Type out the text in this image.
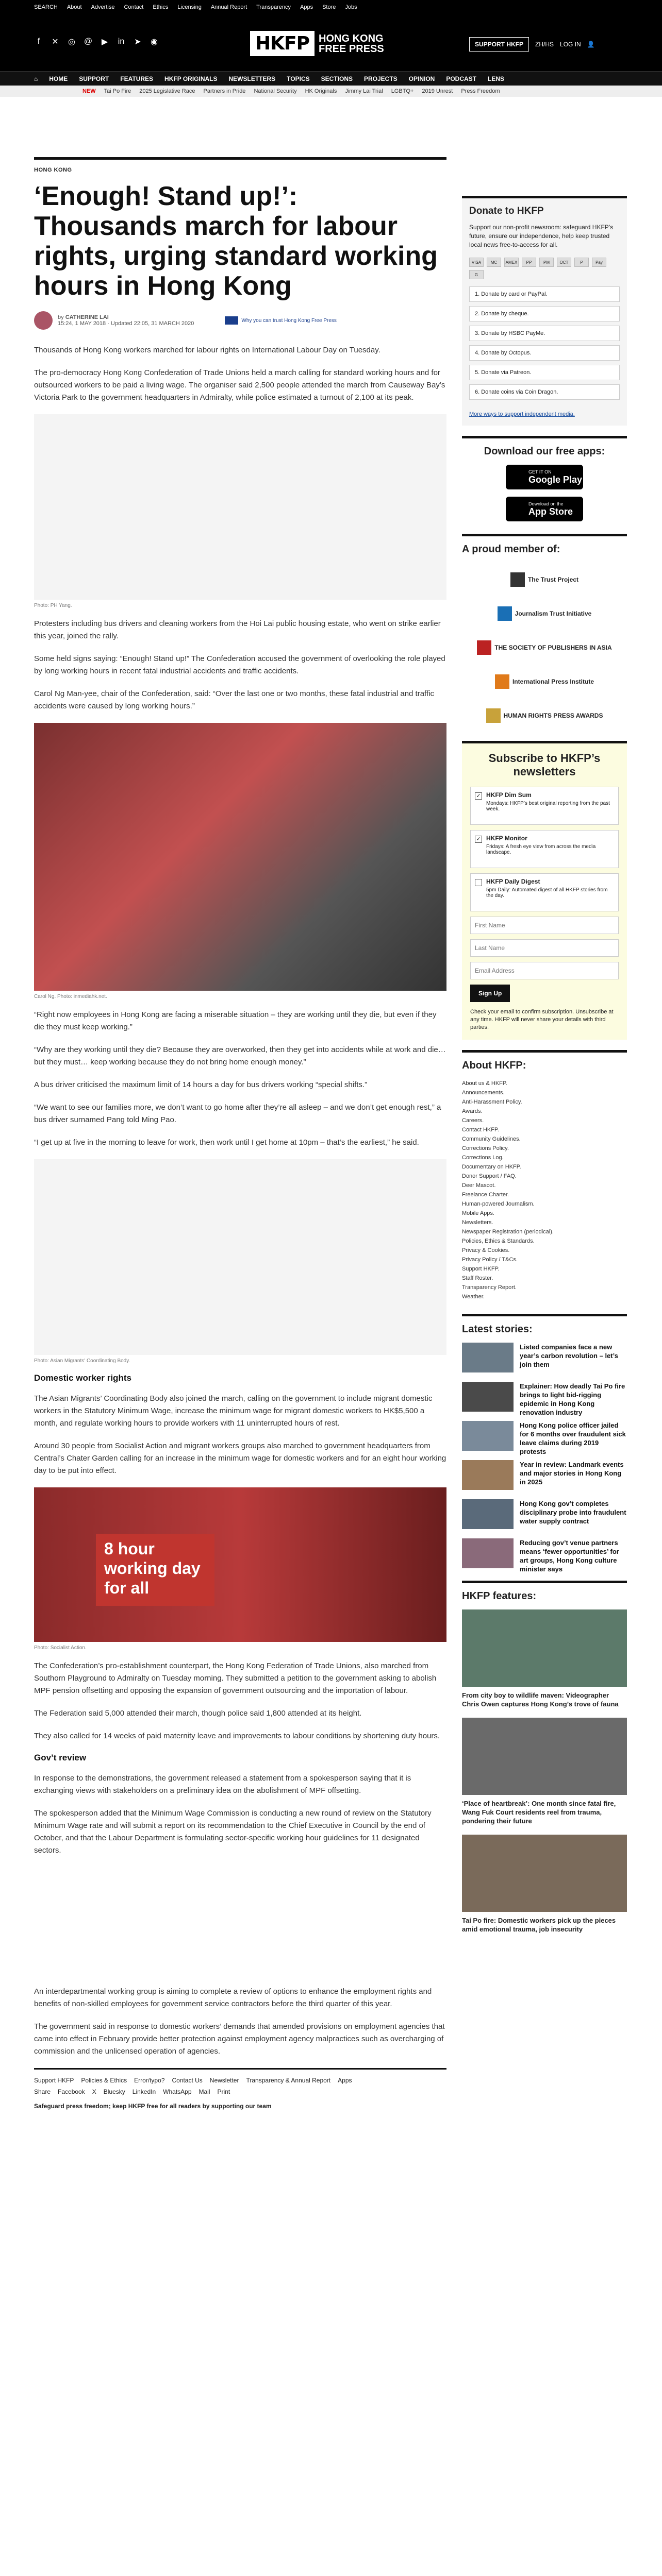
SEARCH About Advertise Contact Ethics Licensing Annual Report Transparency Apps Store Jobs
f	✕ ◎ @ ▶ in ➤ ◉	HKFP HONG KONG
FREE PRESS	SUPPORT HKFP	ZH/HS LOG IN 👤
⌂ HOME SUPPORT FEATURES HKFP ORIGINALS NEWSLETTERS TOPICS SECTIONS PROJECTS OPINION PODCAST LENS
NEW Tai Po Fire 2025 Legislative Race Partners in Pride National Security HK Originals Jimmy Lai Trial LGBTQ+ 2019 Unrest Press Freedom
HONG KONG
‘Enough! Stand up!’: Thousands march for labour rights, urging standard working hours in Hong Kong
by CATHERINE LAI
15:24, 1 MAY 2018 · Updated 22:05, 31 MARCH 2020	Why you can trust Hong Kong Free Press

Thousands of Hong Kong workers marched for labour rights on International Labour Day on Tuesday.

The pro-democracy Hong Kong Confederation of Trade Unions held a march calling for standard working hours and for outsourced workers to be paid a living wage. The organiser said 2,500 people attended the march from Causeway Bay’s Victoria Park to the government headquarters in Admiralty, while police estimated a turnout of 2,100 at its peak.

Photo: PH Yang.

Protesters including bus drivers and cleaning workers from the Hoi Lai public housing estate, who went on strike earlier this year, joined the rally.

Some held signs saying: “Enough! Stand up!” The Confederation accused the government of overlooking the role played by long working hours in recent fatal industrial accidents and traffic accidents.

Carol Ng Man-yee, chair of the Confederation, said: “Over the last one or two months, these fatal industrial and traffic accidents were caused by long working hours.”

Carol Ng. Photo: inmediahk.net.

“Right now employees in Hong Kong are facing a miserable situation – they are working until they die, but even if they die they must keep working.”

“Why are they working until they die? Because they are overworked, then they get into accidents while at work and die… but they must… keep working because they do not bring home enough money.”

A bus driver criticised the maximum limit of 14 hours a day for bus drivers working “special shifts.”

“We want to see our families more, we don’t want to go home after they’re all asleep – and we don’t get enough rest,” a bus driver surnamed Pang told Ming Pao.

“I get up at five in the morning to leave for work, then work until I get home at 10pm – that’s the earliest,” he said.

Photo: Asian Migrants' Coordinating Body.
Domestic worker rights

The Asian Migrants’ Coordinating Body also joined the march, calling on the government to include migrant domestic workers in the Statutory Minimum Wage, increase the minimum wage for migrant domestic workers to HK$5,500 a month, and regulate working hours to provide workers with 11 uninterrupted hours of rest.

Around 30 people from Socialist Action and migrant workers groups also marched to government headquarters from Central’s Chater Garden calling for an increase in the minimum wage for domestic workers and for an eight hour working day to be put into effect.

8 hour working day for all
Photo: Socialist Action.

The Confederation’s pro-establishment counterpart, the Hong Kong Federation of Trade Unions, also marched from Southorn Playground to Admiralty on Tuesday morning. They submitted a petition to the government asking to abolish MPF pension offsetting and opposing the expansion of government outsourcing and the importation of labour.

The Federation said 5,000 attended their march, though police said 1,800 attended at its height.

They also called for 14 weeks of paid maternity leave and improvements to labour conditions by shortening duty hours.

Gov’t review

In response to the demonstrations, the government released a statement from a spokesperson saying that it is exchanging views with stakeholders on a preliminary idea on the abolishment of MPF offsetting.

The spokesperson added that the Minimum Wage Commission is conducting a new round of review on the Statutory Minimum Wage rate and will submit a report on its recommendation to the Chief Executive in Council by the end of October, and that the Labour Department is formulating sector-specific working hour guidelines for 11 designated sectors.

An interdepartmental working group is aiming to complete a review of options to enhance the employment rights and benefits of non-skilled employees for government service contractors before the third quarter of this year.

The government said in response to domestic workers’ demands that amended provisions on employment agencies that came into effect in February provide better protection against employment agency malpractices such as overcharging of commission and the unlicensed operation of agencies.

Support HKFP Policies & Ethics Error/typo? Contact Us Newsletter Transparency & Annual Report Apps
Share Facebook X Bluesky LinkedIn WhatsApp Mail Print
Safeguard press freedom; keep HKFP free for all readers by supporting our team
Donate to HKFP

Support our non-profit newsroom: safeguard HKFP’s future, ensure our independence, help keep trusted local news free-to-access for all.

VISA	MC	AMEX	PP	PM	OCT	P	Pay
G
1. Donate by card or PayPal.
2. Donate by cheque.
3. Donate by HSBC PayMe.
4. Donate by Octopus.
5. Donate via Patreon.
6. Donate coins via Coin Dragon.
More ways to support independent media.
Download our free apps:
GET IT ON
Google Play
Download on the
App Store
A proud member of:
The Trust Project
Journalism Trust Initiative
THE SOCIETY OF PUBLISHERS IN ASIA
International Press Institute
HUMAN RIGHTS PRESS AWARDS
Subscribe to HKFP’s newsletters
✓ HKFP Dim Sum
Mondays: HKFP’s best original reporting from the past week.
✓ HKFP Monitor
Fridays: A fresh eye view from across the media landscape.
HKFP Daily Digest
5pm Daily: Automated digest of all HKFP stories from the day.
First Name Last Name Email Address Sign Up

Check your email to confirm subscription. Unsubscribe at any time. HKFP will never share your details with third parties.

About HKFP:
About us & HKFP.
Announcements.
Anti-Harassment Policy.
Awards.
Careers.
Contact HKFP.
Community Guidelines.
Corrections Policy.
Corrections Log.
Documentary on HKFP.
Donor Support / FAQ.
Deer Mascot.
Freelance Charter.
Human-powered Journalism.
Mobile Apps.
Newsletters.
Newspaper Registration (periodical).
Policies, Ethics & Standards.
Privacy & Cookies.
Privacy Policy / T&Cs.
Support HKFP.
Staff Roster.
Transparency Report.
Weather.
Latest stories:
Listed companies face a new year’s carbon revolution – let’s join them
Explainer: How deadly Tai Po fire brings to light bid-rigging epidemic in Hong Kong renovation industry
Hong Kong police officer jailed for 6 months over fraudulent sick leave claims during 2019 protests
Year in review: Landmark events and major stories in Hong Kong in 2025
Hong Kong gov’t completes disciplinary probe into fraudulent water supply contract
Reducing gov’t venue partners means ‘fewer opportunities’ for art groups, Hong Kong culture minister says
HKFP features:
From city boy to wildlife maven: Videographer Chris Owen captures Hong Kong’s trove of fauna
‘Place of heartbreak’: One month since fatal fire, Wang Fuk Court residents reel from trauma, pondering their future
Tai Po fire: Domestic workers pick up the pieces amid emotional trauma, job insecurity
